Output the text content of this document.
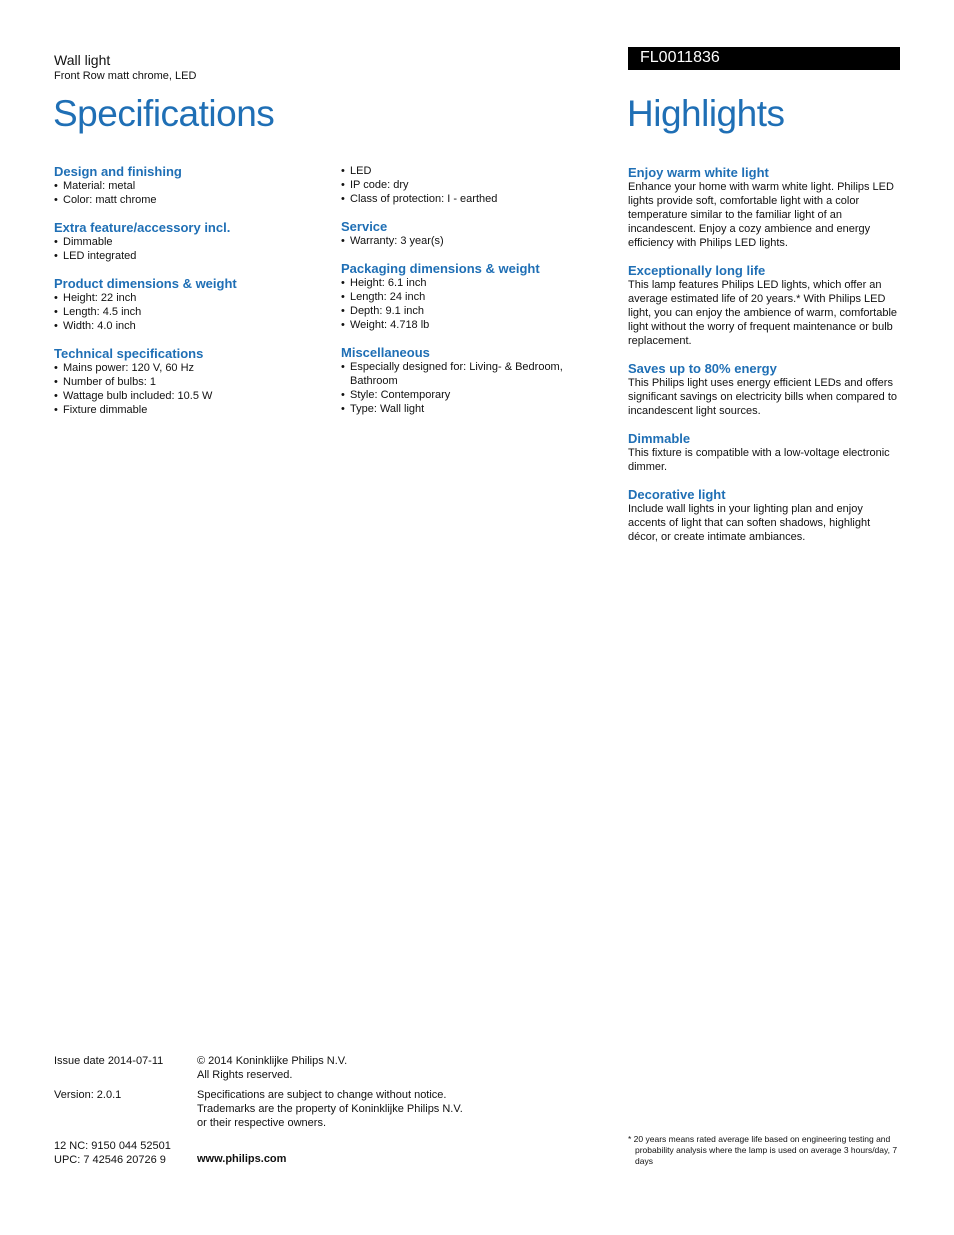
Wall light
Front Row matt chrome, LED
FL0011836
Specifications	Highlights
Design and finishing
• Material: metal
• Color: matt chrome
Extra feature/accessory incl.
• Dimmable
• LED integrated
Product dimensions & weight
• Height: 22 inch
• Length: 4.5 inch
• Width: 4.0 inch
Technical specifications
• Mains power: 120 V, 60 Hz
• Number of bulbs: 1
• Wattage bulb included: 10.5 W
• Fixture dimmable
• LED
• IP code: dry
• Class of protection: I - earthed
Service
• Warranty: 3 year(s)
Packaging dimensions & weight
• Height: 6.1 inch
• Length: 24 inch
• Depth: 9.1 inch
• Weight: 4.718 lb
Miscellaneous
• Especially designed for: Living- & Bedroom, Bathroom
• Style: Contemporary
• Type: Wall light
Enjoy warm white light
Enhance your home with warm white light. Philips LED lights provide soft, comfortable light with a color temperature similar to the familiar light of an incandescent. Enjoy a cozy ambience and energy efficiency with Philips LED lights.
Exceptionally long life
This lamp features Philips LED lights, which offer an average estimated life of 20 years.* With Philips LED light, you can enjoy the ambience of warm, comfortable light without the worry of frequent maintenance or bulb replacement.
Saves up to 80% energy
This Philips light uses energy efficient LEDs and offers significant savings on electricity bills when compared to incandescent light sources.
Dimmable
This fixture is compatible with a low-voltage electronic dimmer.
Decorative light
Include wall lights in your lighting plan and enjoy accents of light that can soften shadows, highlight décor, or create intimate ambiances.
Issue date 2014-07-11	© 2014 Koninklijke Philips N.V.
All Rights reserved.
Version: 2.0.1	Specifications are subject to change without notice.
Trademarks are the property of Koninklijke Philips N.V.
or their respective owners.
12 NC: 9150 044 52501
UPC: 7 42546 20726 9	www.philips.com
* 20 years means rated average life based on engineering testing and probability analysis where the lamp is used on average 3 hours/day, 7 days
